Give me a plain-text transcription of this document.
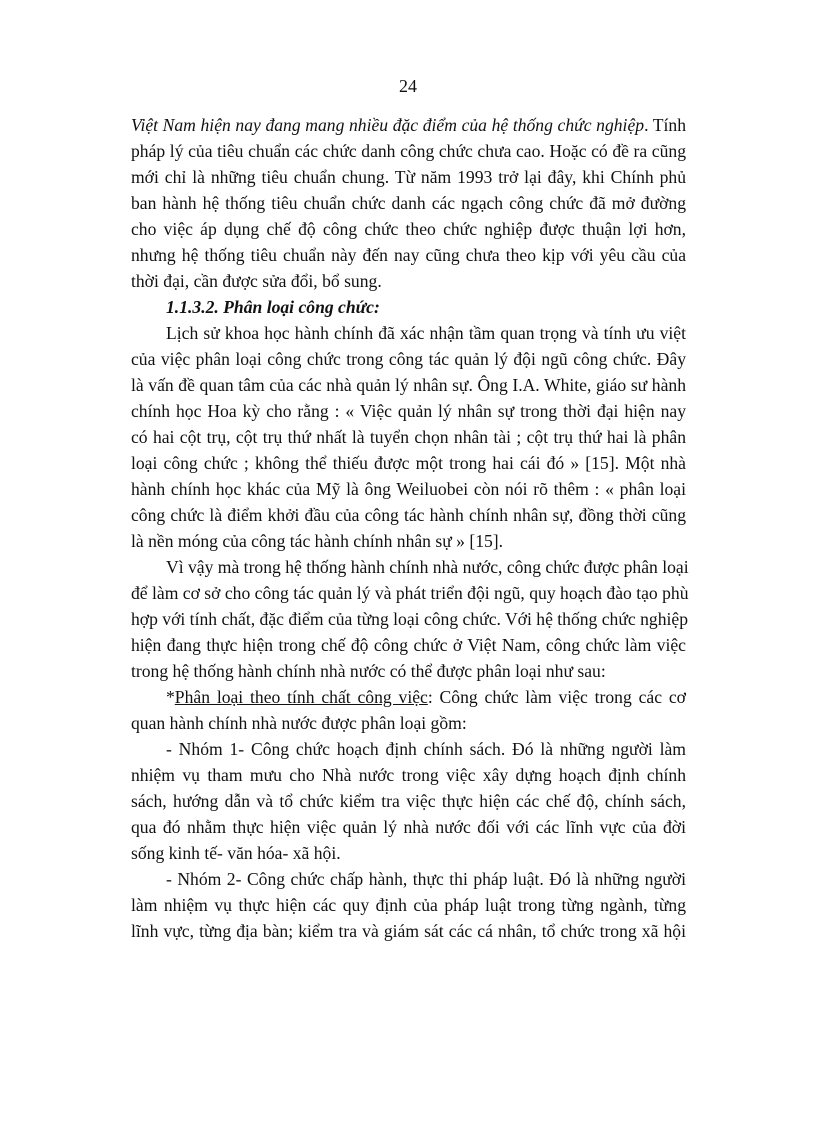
24
Việt Nam hiện nay đang mang nhiều đặc điểm của hệ thống chức nghiệp. Tính
pháp lý của tiêu chuẩn các chức danh công chức chưa cao. Hoặc có đề ra cũng
mới chỉ là những tiêu chuẩn chung. Từ năm 1993 trở lại đây, khi Chính phủ
ban hành hệ thống tiêu chuẩn chức danh các ngạch công chức đã mở đường
cho việc áp dụng chế độ công chức theo chức nghiệp được thuận lợi hơn,
nhưng hệ thống tiêu chuẩn này đến nay cũng chưa theo kịp với yêu cầu của
thời đại, cần được sửa đổi, bổ sung.
1.1.3.2. Phân loại công chức:
Lịch sử khoa học hành chính đã xác nhận tầm quan trọng và tính ưu việt
của việc phân loại công chức trong công tác quản lý đội ngũ công chức. Đây
là vấn đề quan tâm của các nhà quản lý nhân sự. Ông I.A. White, giáo sư hành
chính học Hoa kỳ cho rằng : « Việc quản lý nhân sự trong thời đại hiện nay
có hai cột trụ, cột trụ thứ nhất là tuyển chọn nhân tài ; cột trụ thứ hai là phân
loại công chức ; không thể thiếu được một trong hai cái đó » [15]. Một nhà
hành chính học khác của Mỹ là ông Weiluobei còn nói rõ thêm : « phân loại
công chức là điểm khởi đầu của công tác hành chính nhân sự, đồng thời cũng
là nền móng của công tác hành chính nhân sự » [15].
Vì vậy mà trong hệ thống hành chính nhà nước, công chức được phân loại
để làm cơ sở cho công tác quản lý và phát triển đội ngũ, quy hoạch đào tạo phù
hợp với tính chất, đặc điểm của từng loại công chức. Với hệ thống chức nghiệp
hiện đang thực hiện trong chế độ công chức ở Việt Nam, công chức làm việc
trong hệ thống hành chính nhà nước có thể được phân loại như sau:
*Phân loại theo tính chất công việc: Công chức làm việc trong các cơ
quan hành chính nhà nước được phân loại gồm:
- Nhóm 1- Công chức hoạch định chính sách. Đó là những người làm
nhiệm vụ tham mưu cho Nhà nước trong việc xây dựng hoạch định chính
sách, hướng dẫn và tổ chức kiểm tra việc thực hiện các chế độ, chính sách,
qua đó nhằm thực hiện việc quản lý nhà nước đối với các lĩnh vực của đời
sống kinh tế- văn hóa- xã hội.
- Nhóm 2- Công chức chấp hành, thực thi pháp luật. Đó là những người
làm nhiệm vụ thực hiện các quy định của pháp luật trong từng ngành, từng
lĩnh vực, từng địa bàn; kiểm tra và giám sát các cá nhân, tổ chức trong xã hội
